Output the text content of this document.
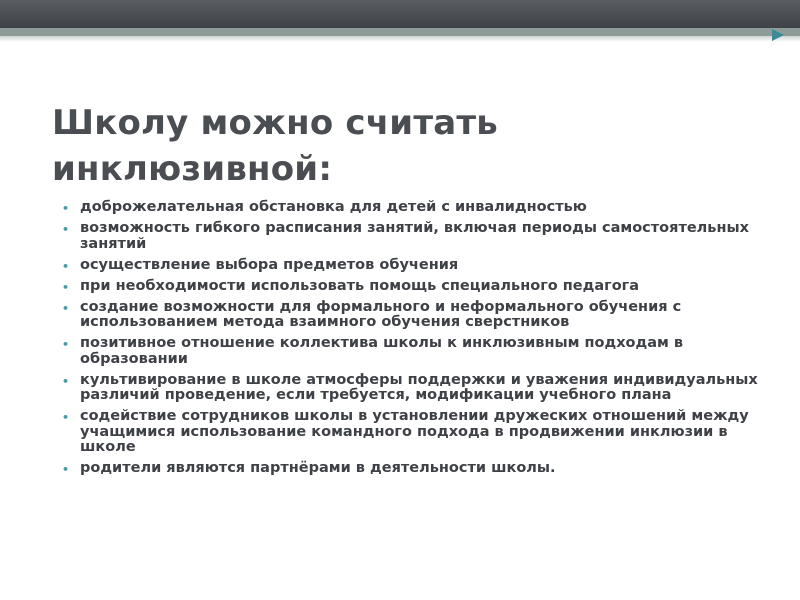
Школу можно считать
инклюзивной:
• доброжелательная обстановка для детей с инвалидностью
• возможность гибкого расписания занятий, включая периоды самостоятельных занятий
• осуществление выбора предметов обучения
• при необходимости использовать помощь специального педагога
• создание возможности для формального и неформального обучения с использованием метода взаимного обучения сверстников
• позитивное отношение коллектива школы к инклюзивным подходам в образовании
• культивирование в школе атмосферы поддержки и уважения индивидуальных различий проведение, если требуется, модификации учебного плана
• содействие сотрудников школы в установлении дружеских отношений между учащимися использование командного подхода в продвижении инклюзии в школе
• родители являются партнёрами в деятельности школы.
